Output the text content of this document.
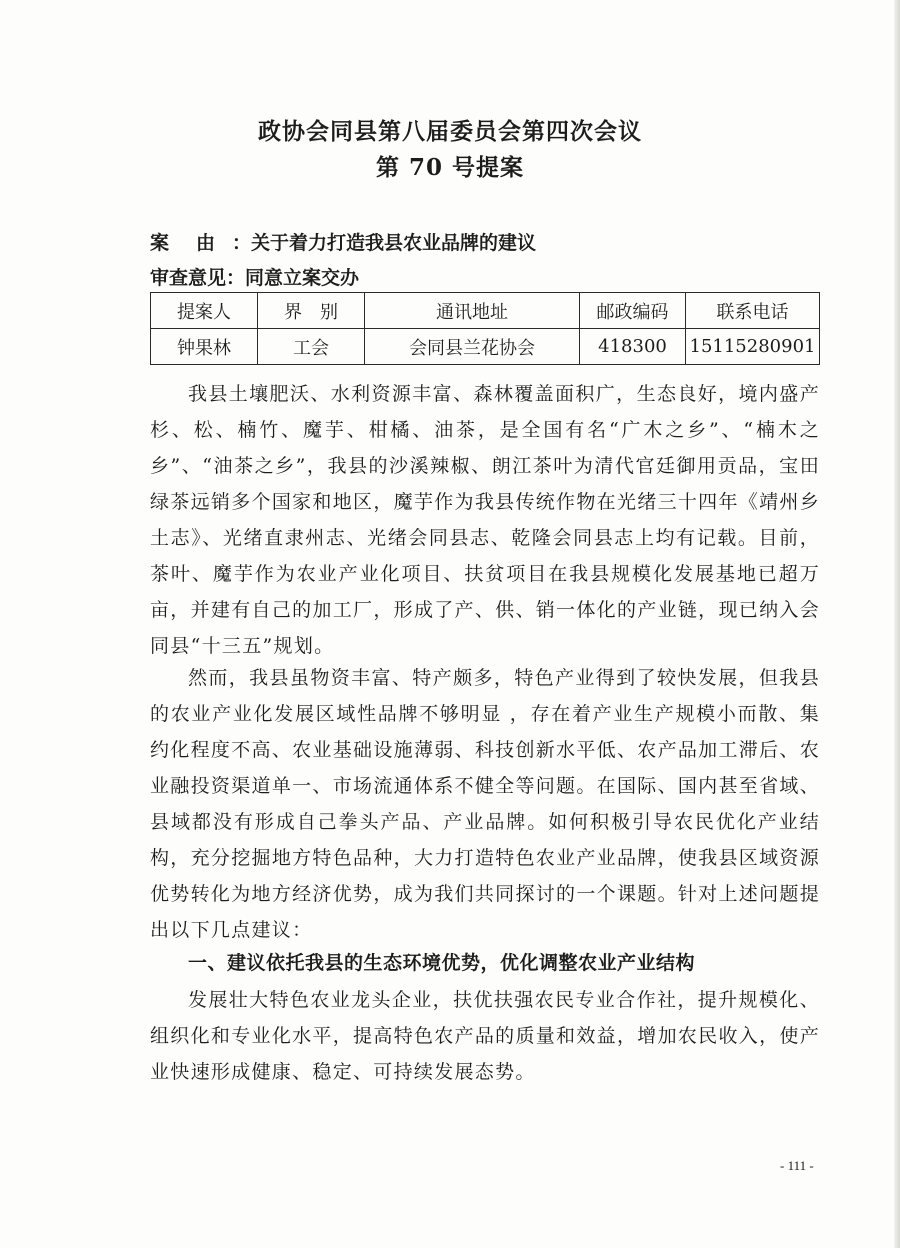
政协会同县第八届委员会第四次会议
第 70 号提案
案 由 ：关于着力打造我县农业品牌的建议
审查意见：同意立案交办
提案人	界　别	通讯地址	邮政编码	联系电话
钟果林	工会	会同县兰花协会	418300	15115280901
我县土壤肥沃、水利资源丰富、森林覆盖面积广，生态良好，境内盛产杉、松、楠竹、魔芋、柑橘、油茶，是全国有名“广木之乡”、“楠木之乡”、“油茶之乡”，我县的沙溪辣椒、朗江茶叶为清代官廷御用贡品，宝田绿茶远销多个国家和地区，魔芋作为我县传统作物在光绪三十四年《靖州乡土志》、光绪直隶州志、光绪会同县志、乾隆会同县志上均有记载。目前，茶叶、魔芋作为农业产业化项目、扶贫项目在我县规模化发展基地已超万亩，并建有自己的加工厂，形成了产、供、销一体化的产业链，现已纳入会同县“十三五”规划。
然而，我县虽物资丰富、特产颇多，特色产业得到了较快发展，但我县的农业产业化发展区域性品牌不够明显 ，存在着产业生产规模小而散、集约化程度不高、农业基础设施薄弱、科技创新水平低、农产品加工滞后、农业融投资渠道单一、市场流通体系不健全等问题。在国际、国内甚至省域、县域都没有形成自己拳头产品、产业品牌。如何积极引导农民优化产业结构，充分挖掘地方特色品种，大力打造特色农业产业品牌，使我县区域资源优势转化为地方经济优势，成为我们共同探讨的一个课题。针对上述问题提出以下几点建议：
一、建议依托我县的生态环境优势，优化调整农业产业结构
发展壮大特色农业龙头企业，扶优扶强农民专业合作社，提升规模化、组织化和专业化水平，提高特色农产品的质量和效益，增加农民收入，使产业快速形成健康、稳定、可持续发展态势。
- 111 -
